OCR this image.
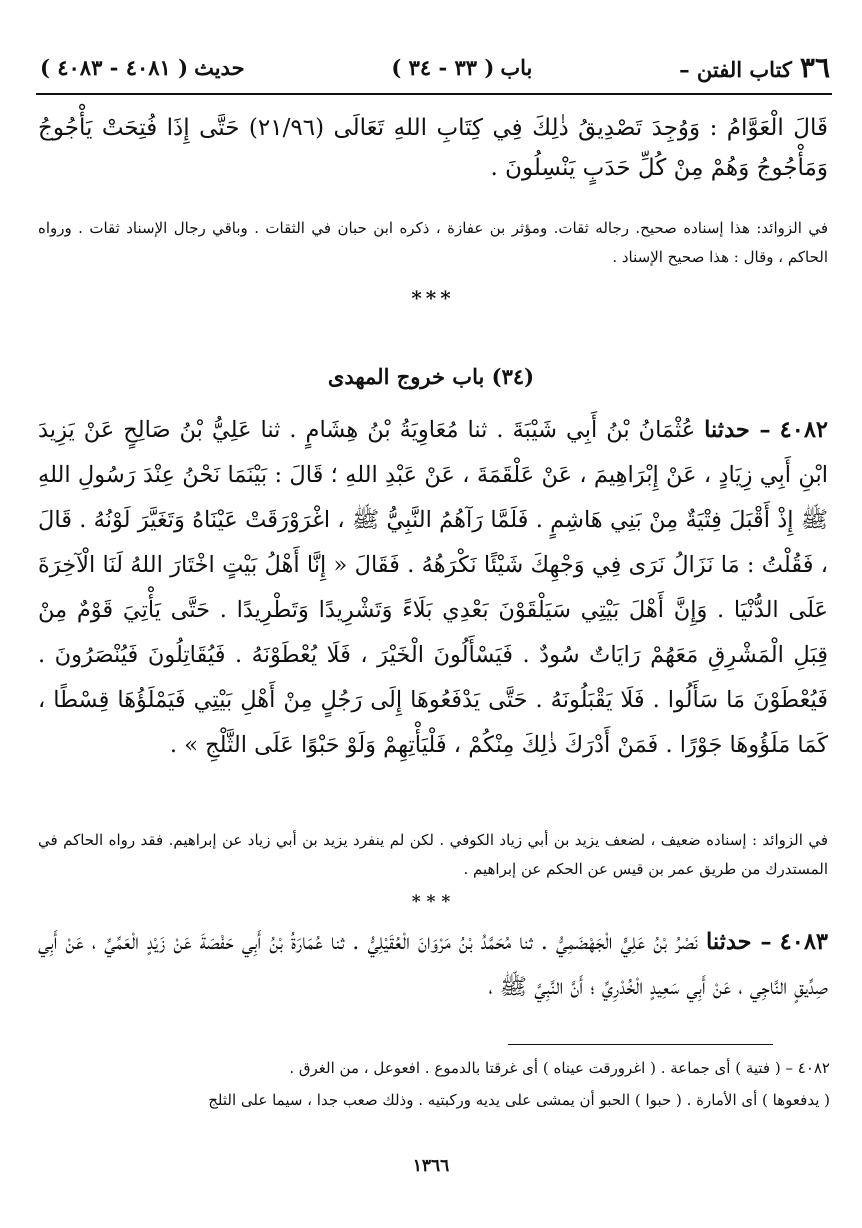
٣٦
– كتاب الفتن
باب
( ٣٣ - ٣٤ )
حديث
( ٤٠٨١ - ٤٠٨٣ )
قَالَ الْعَوَّامُ : وَوُجِدَ تَصْدِيقُ ذٰلِكَ فِي كِتَابِ اللهِ تَعَالَى (٢١/٩٦) حَتَّى إِذَا فُتِحَتْ يَأْجُوجُ وَمَأْجُوجُ وَهُمْ مِنْ كُلِّ حَدَبٍ يَنْسِلُونَ .
في الزوائد: هذا إسناده صحيح. رجاله ثقات. ومؤثر بن عفازة ، ذكره ابن حبان في الثقات . وباقي رجال الإسناد ثقات . ورواه الحاكم ، وقال : هذا صحيح الإسناد .
* * *
(٣٤) باب خروج المهدى
٤٠٨٢ – حدثنا عُثْمَانُ بْنُ أَبِي شَيْبَةَ . ثنا مُعَاوِيَةُ بْنُ هِشَامٍ . ثنا عَلِيُّ بْنُ صَالِحٍ عَنْ يَزِيدَ ابْنِ أَبِي زِيَادٍ ، عَنْ إِبْرَاهِيمَ ، عَنْ عَلْقَمَةَ ، عَنْ عَبْدِ اللهِ ؛ قَالَ : بَيْنَمَا نَحْنُ عِنْدَ رَسُولِ اللهِ ﷺ إِذْ أَقْبَلَ فِتْيَةٌ مِنْ بَنِي هَاشِمٍ . فَلَمَّا رَآهُمُ النَّبِيُّ ﷺ ، اغْرَوْرَقَتْ عَيْنَاهُ وَتَغَيَّرَ لَوْنُهُ . قَالَ ، فَقُلْتُ : مَا نَزَالُ نَرَى فِي وَجْهِكَ شَيْئًا نَكْرَهُهُ . فَقَالَ « إِنَّا أَهْلُ بَيْتٍ اخْتَارَ اللهُ لَنَا الْآخِرَةَ عَلَى الدُّنْيَا . وَإِنَّ أَهْلَ بَيْتِي سَيَلْقَوْنَ بَعْدِي بَلَاءً وَتَشْرِيدًا وَتَطْرِيدًا . حَتَّى يَأْتِيَ قَوْمٌ مِنْ قِبَلِ الْمَشْرِقِ مَعَهُمْ رَايَاتٌ سُودٌ . فَيَسْأَلُونَ الْخَيْرَ ، فَلَا يُعْطَوْنَهُ . فَيُقَاتِلُونَ فَيُنْصَرُونَ . فَيُعْطَوْنَ مَا سَأَلُوا . فَلَا يَقْبَلُونَهُ . حَتَّى يَدْفَعُوهَا إِلَى رَجُلٍ مِنْ أَهْلِ بَيْتِي فَيَمْلَؤُهَا قِسْطًا ، كَمَا مَلَؤُوهَا جَوْرًا . فَمَنْ أَدْرَكَ ذٰلِكَ مِنْكُمْ ، فَلْيَأْتِهِمْ وَلَوْ حَبْوًا عَلَى الثَّلْجِ » .
في الزوائد : إسناده ضعيف ، لضعف يزيد بن أبي زياد الكوفي . لكن لم ينفرد يزيد بن أبي زياد عن إبراهيم. فقد رواه الحاكم في المستدرك من طريق عمر بن قيس عن الحكم عن إبراهيم .
* * *
٤٠٨٣ – حدثنا نَصْرُ بْنُ عَلِيٍّ الْجَهْضَمِيُّ . ثنا مُحَمَّدُ بْنُ مَرْوَانَ الْعُقَيْلِيُّ . ثنا عُمَارَةُ بْنُ أَبِي حَفْصَةَ عَنْ زَيْدٍ الْعَمِّيِّ ، عَنْ أَبِي صِدِّيقٍ النَّاجِي ، عَنْ أَبِي سَعِيدٍ الْخُدْرِيِّ ؛ أَنَّ النَّبِيَّ ﷺ ،
٤٠٨٢ – ( فتية ) أى جماعة . ( اغرورقت عيناه ) أى غرقتا بالدموع . افعوعل ، من الغرق .
( يدفعوها ) أى الأمارة . ( حبوا ) الحبو أن يمشى على يديه وركبتيه . وذلك صعب جدا ، سيما على الثلج
١٣٦٦
